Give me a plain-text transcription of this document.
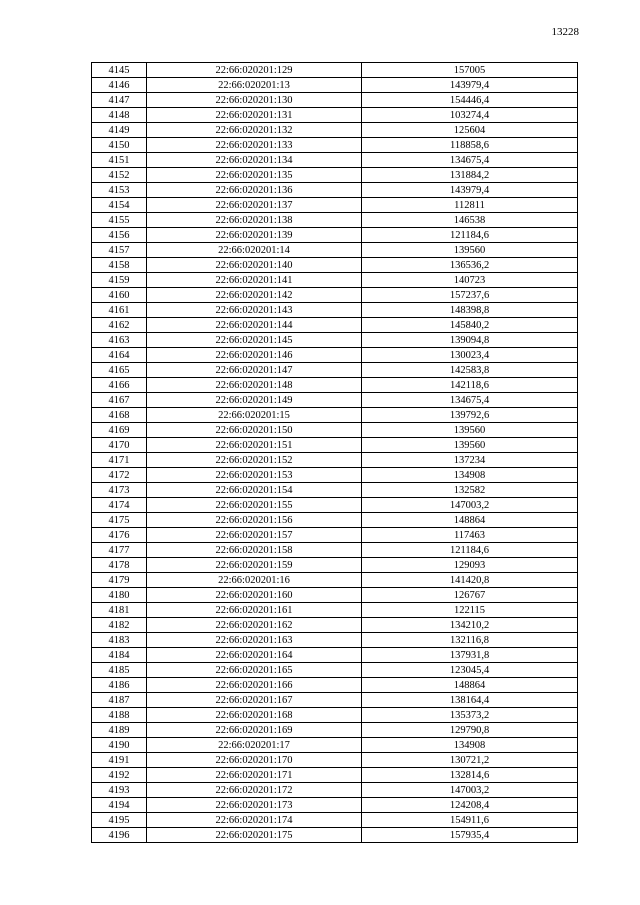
13228
4145	22:66:020201:129	157005
4146	22:66:020201:13	143979,4
4147	22:66:020201:130	154446,4
4148	22:66:020201:131	103274,4
4149	22:66:020201:132	125604
4150	22:66:020201:133	118858,6
4151	22:66:020201:134	134675,4
4152	22:66:020201:135	131884,2
4153	22:66:020201:136	143979,4
4154	22:66:020201:137	112811
4155	22:66:020201:138	146538
4156	22:66:020201:139	121184,6
4157	22:66:020201:14	139560
4158	22:66:020201:140	136536,2
4159	22:66:020201:141	140723
4160	22:66:020201:142	157237,6
4161	22:66:020201:143	148398,8
4162	22:66:020201:144	145840,2
4163	22:66:020201:145	139094,8
4164	22:66:020201:146	130023,4
4165	22:66:020201:147	142583,8
4166	22:66:020201:148	142118,6
4167	22:66:020201:149	134675,4
4168	22:66:020201:15	139792,6
4169	22:66:020201:150	139560
4170	22:66:020201:151	139560
4171	22:66:020201:152	137234
4172	22:66:020201:153	134908
4173	22:66:020201:154	132582
4174	22:66:020201:155	147003,2
4175	22:66:020201:156	148864
4176	22:66:020201:157	117463
4177	22:66:020201:158	121184,6
4178	22:66:020201:159	129093
4179	22:66:020201:16	141420,8
4180	22:66:020201:160	126767
4181	22:66:020201:161	122115
4182	22:66:020201:162	134210,2
4183	22:66:020201:163	132116,8
4184	22:66:020201:164	137931,8
4185	22:66:020201:165	123045,4
4186	22:66:020201:166	148864
4187	22:66:020201:167	138164,4
4188	22:66:020201:168	135373,2
4189	22:66:020201:169	129790,8
4190	22:66:020201:17	134908
4191	22:66:020201:170	130721,2
4192	22:66:020201:171	132814,6
4193	22:66:020201:172	147003,2
4194	22:66:020201:173	124208,4
4195	22:66:020201:174	154911,6
4196	22:66:020201:175	157935,4
